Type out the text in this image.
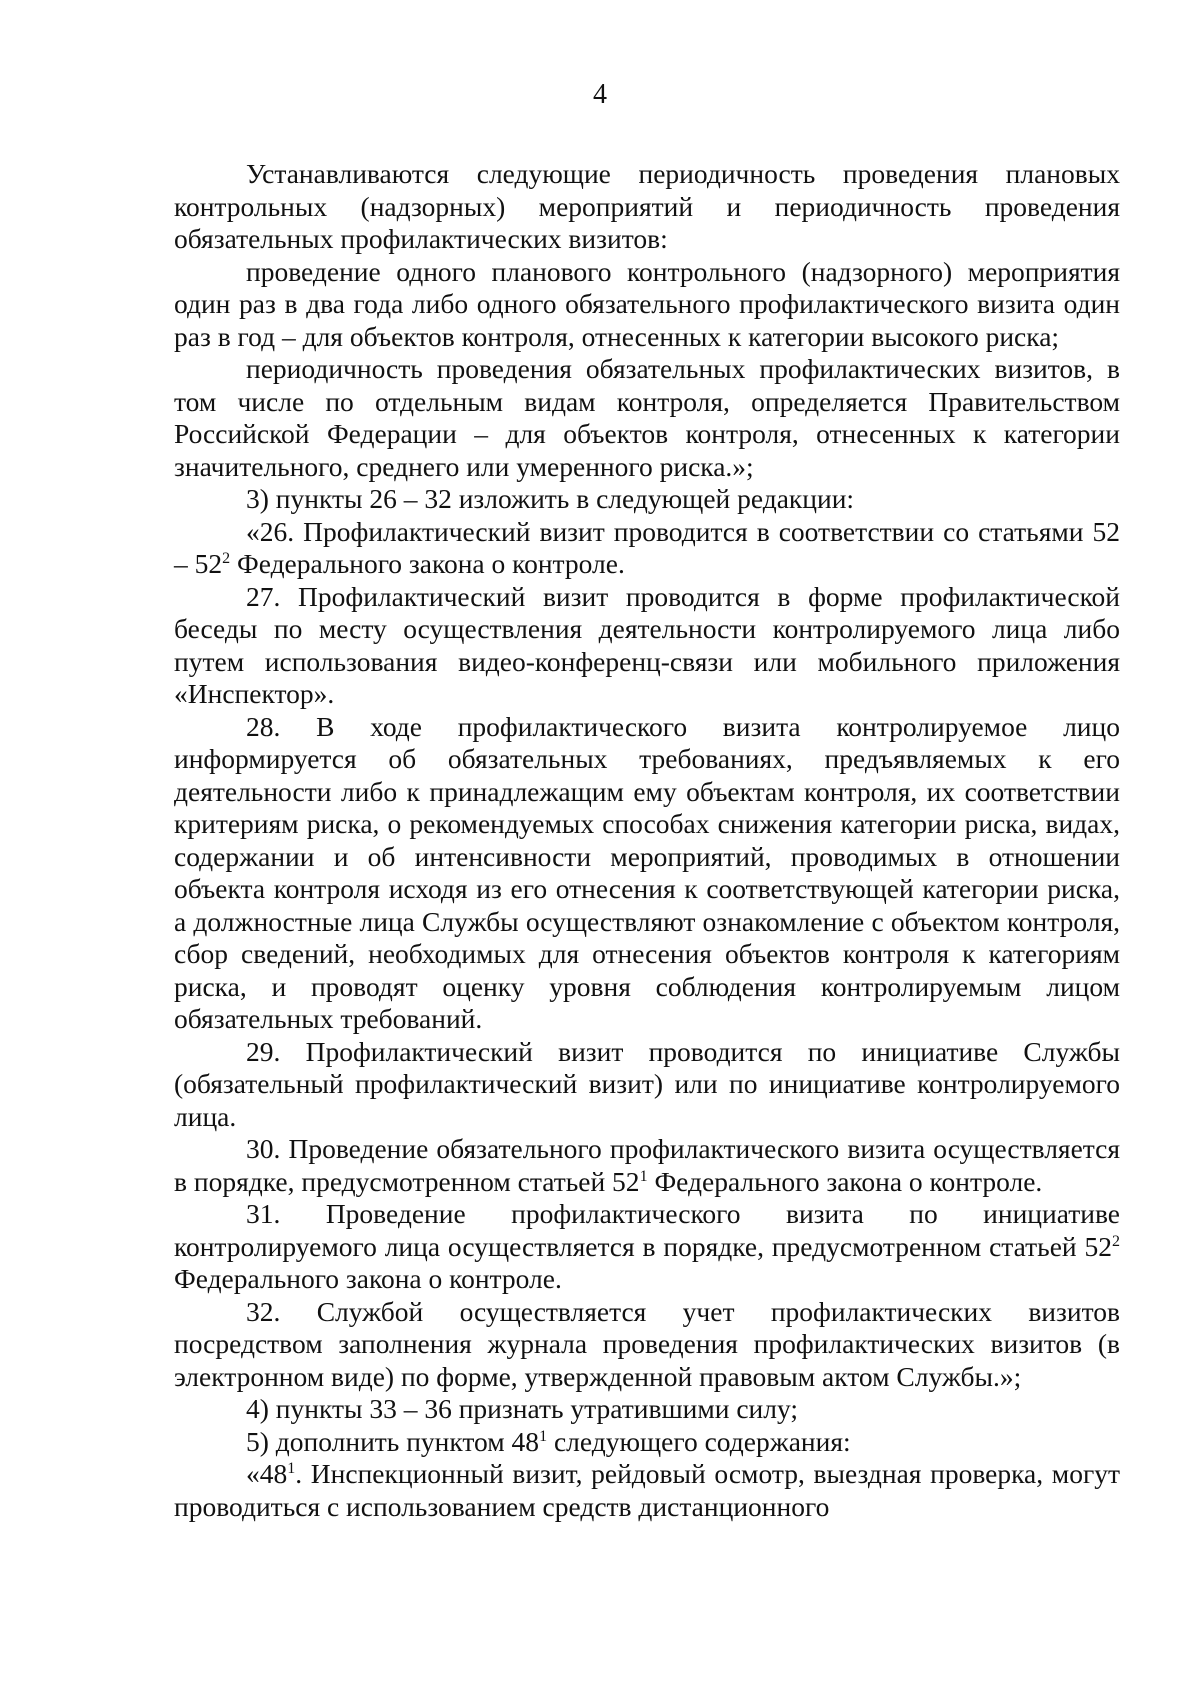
4

Устанавливаются следующие периодичность проведения плановых контрольных (надзорных) мероприятий и периодичность проведения обязательных профилактических визитов:

проведение одного планового контрольного (надзорного) мероприятия один раз в два года либо одного обязательного профилактического визита один раз в год – для объектов контроля, отнесенных к категории высокого риска;

периодичность проведения обязательных профилактических визитов, в том числе по отдельным видам контроля, определяется Правительством Российской Федерации – для объектов контроля, отнесенных к категории значительного, среднего или умеренного риска.»;

3) пункты 26 – 32 изложить в следующей редакции:

«26. Профилактический визит проводится в соответствии со статьями $52 - 52^2$ Федерального закона о контроле.

27. Профилактический визит проводится в форме профилактической беседы по месту осуществления деятельности контролируемого лица либо путем использования видео-конференц-связи или мобильного приложения «Инспектор».

28. В ходе профилактического визита контролируемое лицо информируется об обязательных требованиях, предъявляемых к его деятельности либо к принадлежащим ему объектам контроля, их соответствии критериям риска, о рекомендуемых способах снижения категории риска, видах, содержании и об интенсивности мероприятий, проводимых в отношении объекта контроля исходя из его отнесения к соответствующей категории риска, а должностные лица Службы осуществляют ознакомление с объектом контроля, сбор сведений, необходимых для отнесения объектов контроля к категориям риска, и проводят оценку уровня соблюдения контролируемым лицом обязательных требований.

29. Профилактический визит проводится по инициативе Службы (обязательный профилактический визит) или по инициативе контролируемого лица.

30. Проведение обязательного профилактического визита осуществляется в порядке, предусмотренном статьей $52^1$ Федерального закона о контроле.

31. Проведение профилактического визита по инициативе контролируемого лица осуществляется в порядке, предусмотренном статьей $52^2$ Федерального закона о контроле.

32. Службой осуществляется учет профилактических визитов посредством заполнения журнала проведения профилактических визитов (в электронном виде) по форме, утвержденной правовым актом Службы.»;

4) пункты 33 – 36 признать утратившими силу;

5) дополнить пунктом $48^1$ следующего содержания:

«$48^1$. Инспекционный визит, рейдовый осмотр, выездная проверка, могут проводиться с использованием средств дистанционного
